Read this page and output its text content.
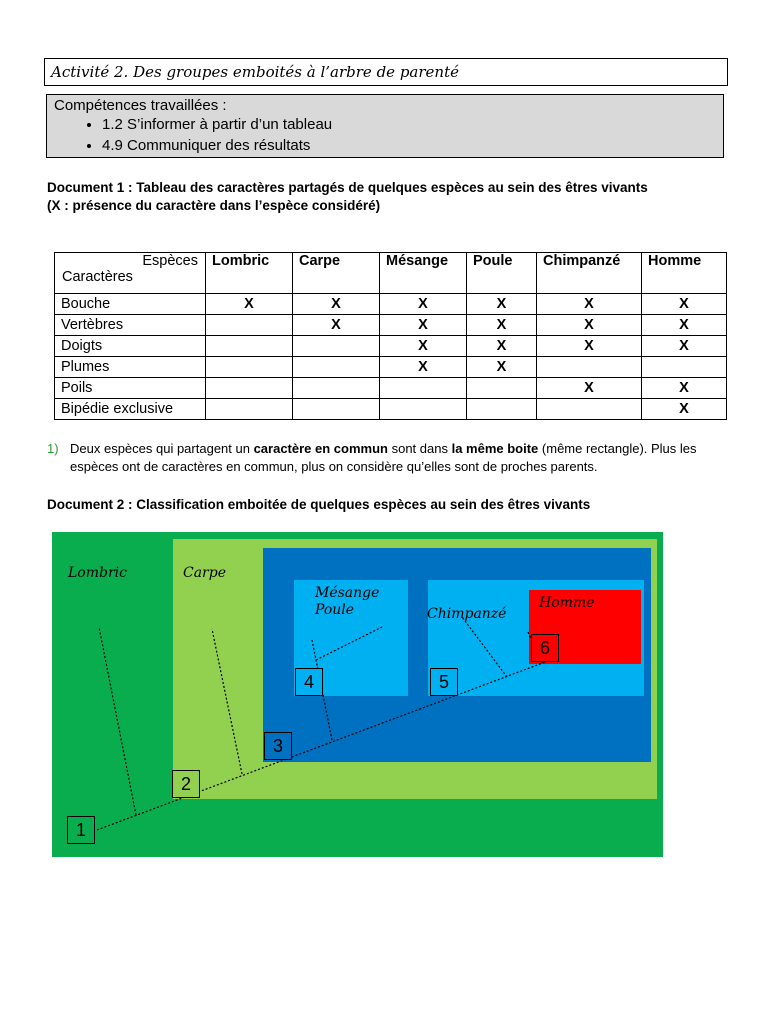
Activité 2. Des groupes emboités à l’arbre de parenté
Compétences travaillées :
• 1.2 S’informer à partir d’un tableau
• 4.9 Communiquer des résultats
Document 1 : Tableau des caractères partagés de quelques espèces au sein des êtres vivants
(X : présence du caractère dans l’espèce considéré)
Espèces
Caractères	Lombric	Carpe	Mésange	Poule	Chimpanzé	Homme
Bouche	X	X	X	X	X	X
Vertèbres		X	X	X	X	X
Doigts			X	X	X	X
Plumes			X	X		
Poils					X	X
Bipédie exclusive						X
1) Deux espèces qui partagent un caractère en commun sont dans la même boite (même rectangle). Plus les espèces ont de caractères en commun, plus on considère qu’elles sont de proches parents.
Document 2 : Classification emboitée de quelques espèces au sein des êtres vivants
Lombric	Carpe
Mésange
Poule	Chimpanzé
Homme
1
2
3
4	5
6
